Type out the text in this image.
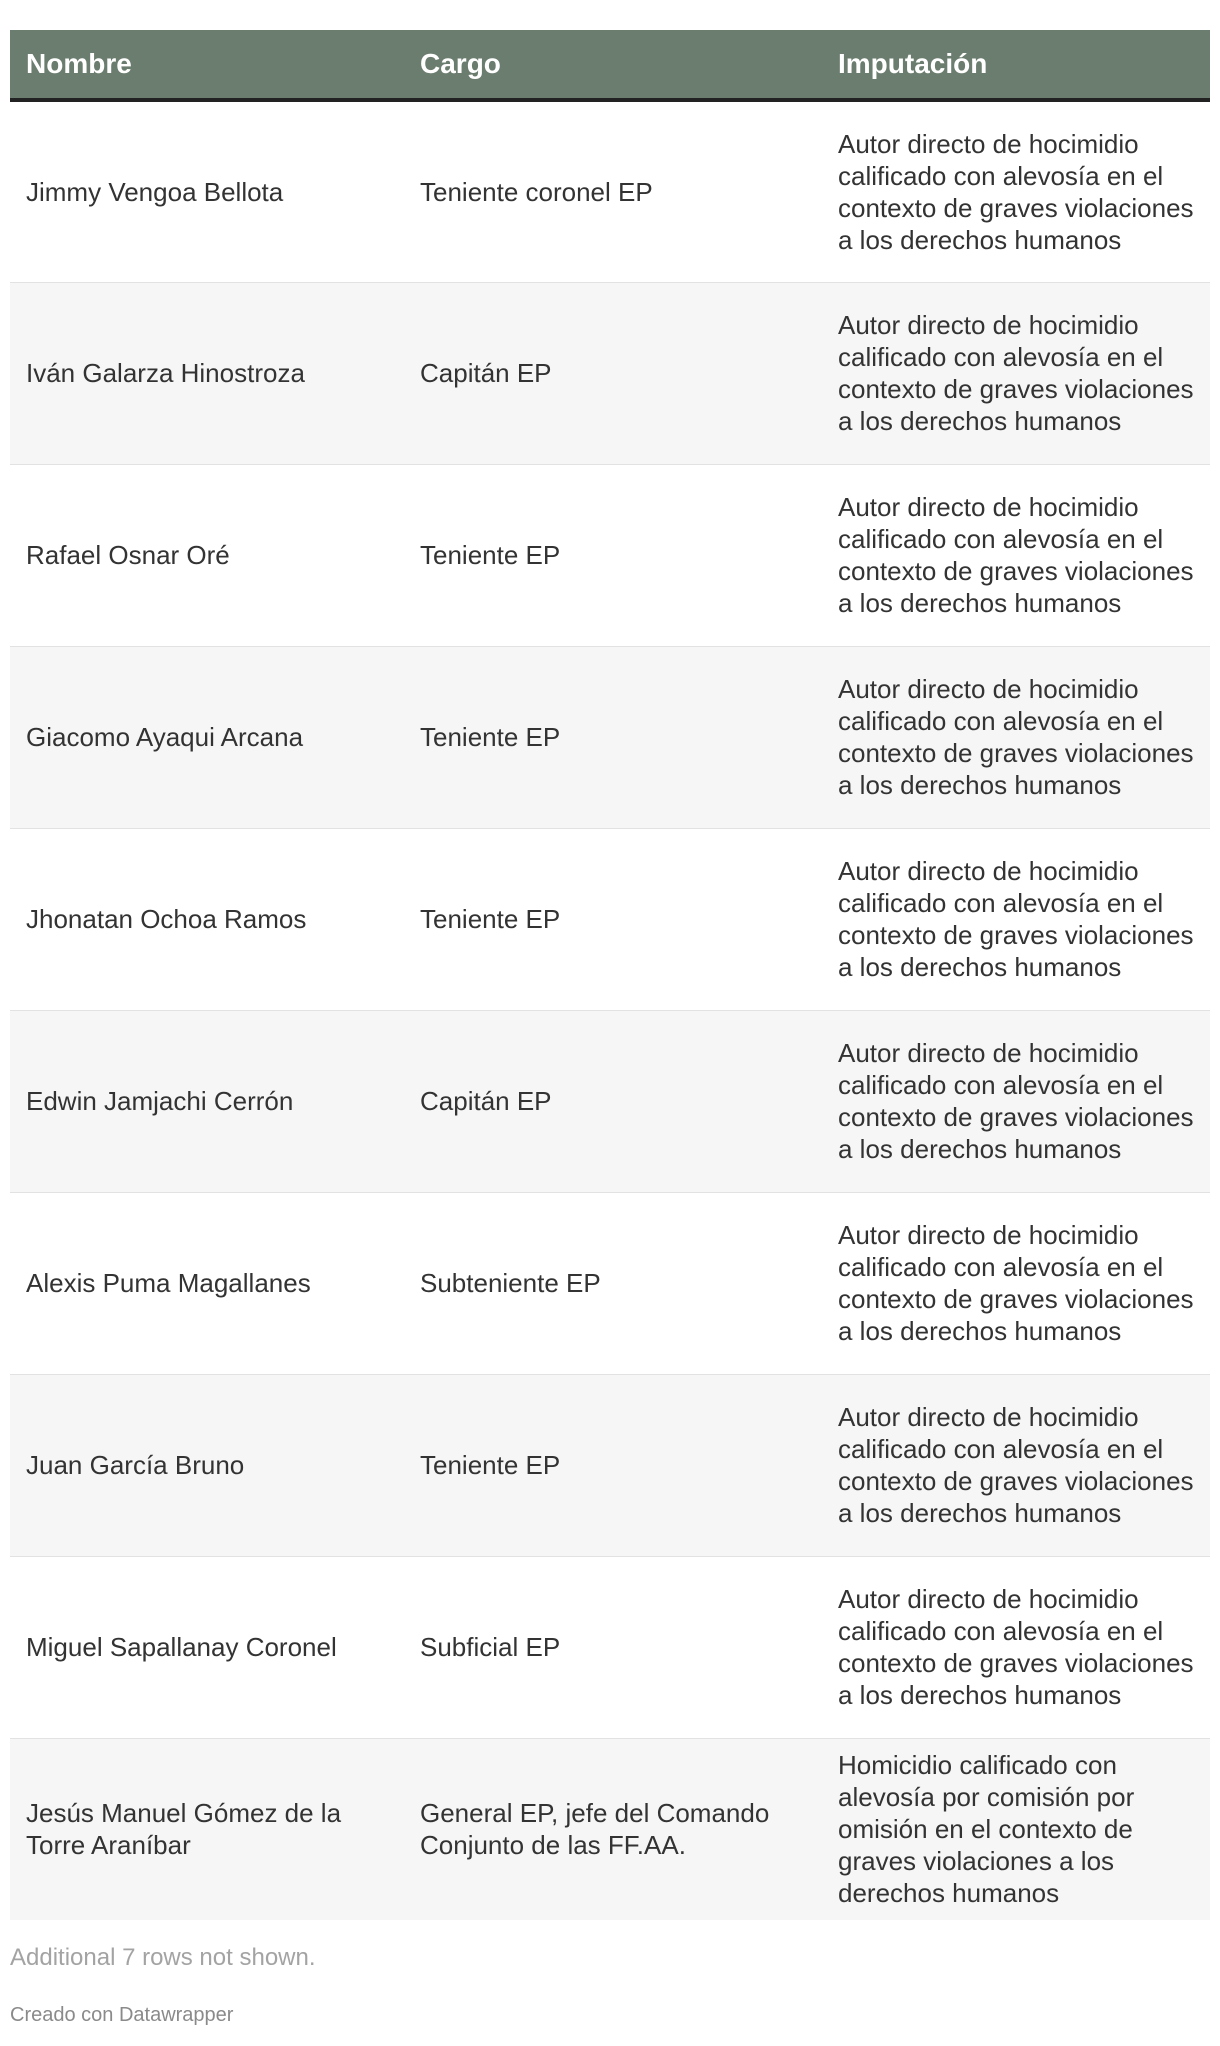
Nombre	Cargo	Imputación
Jimmy Vengoa Bellota	Teniente coronel EP	Autor directo de hocimidio calificado con alevosía en el contexto de graves violaciones a los derechos humanos
Iván Galarza Hinostroza	Capitán EP	Autor directo de hocimidio calificado con alevosía en el contexto de graves violaciones a los derechos humanos
Rafael Osnar Oré	Teniente EP	Autor directo de hocimidio calificado con alevosía en el contexto de graves violaciones a los derechos humanos
Giacomo Ayaqui Arcana	Teniente EP	Autor directo de hocimidio calificado con alevosía en el contexto de graves violaciones a los derechos humanos
Jhonatan Ochoa Ramos	Teniente EP	Autor directo de hocimidio calificado con alevosía en el contexto de graves violaciones a los derechos humanos
Edwin Jamjachi Cerrón	Capitán EP	Autor directo de hocimidio calificado con alevosía en el contexto de graves violaciones a los derechos humanos
Alexis Puma Magallanes	Subteniente EP	Autor directo de hocimidio calificado con alevosía en el contexto de graves violaciones a los derechos humanos
Juan García Bruno	Teniente EP	Autor directo de hocimidio calificado con alevosía en el contexto de graves violaciones a los derechos humanos
Miguel Sapallanay Coronel	Subficial EP	Autor directo de hocimidio calificado con alevosía en el contexto de graves violaciones a los derechos humanos
Jesús Manuel Gómez de la Torre Araníbar	General EP, jefe del Comando Conjunto de las FF.AA.	Homicidio calificado con alevosía por comisión por omisión en el contexto de graves violaciones a los derechos humanos
Additional 7 rows not shown.
Creado con Datawrapper
